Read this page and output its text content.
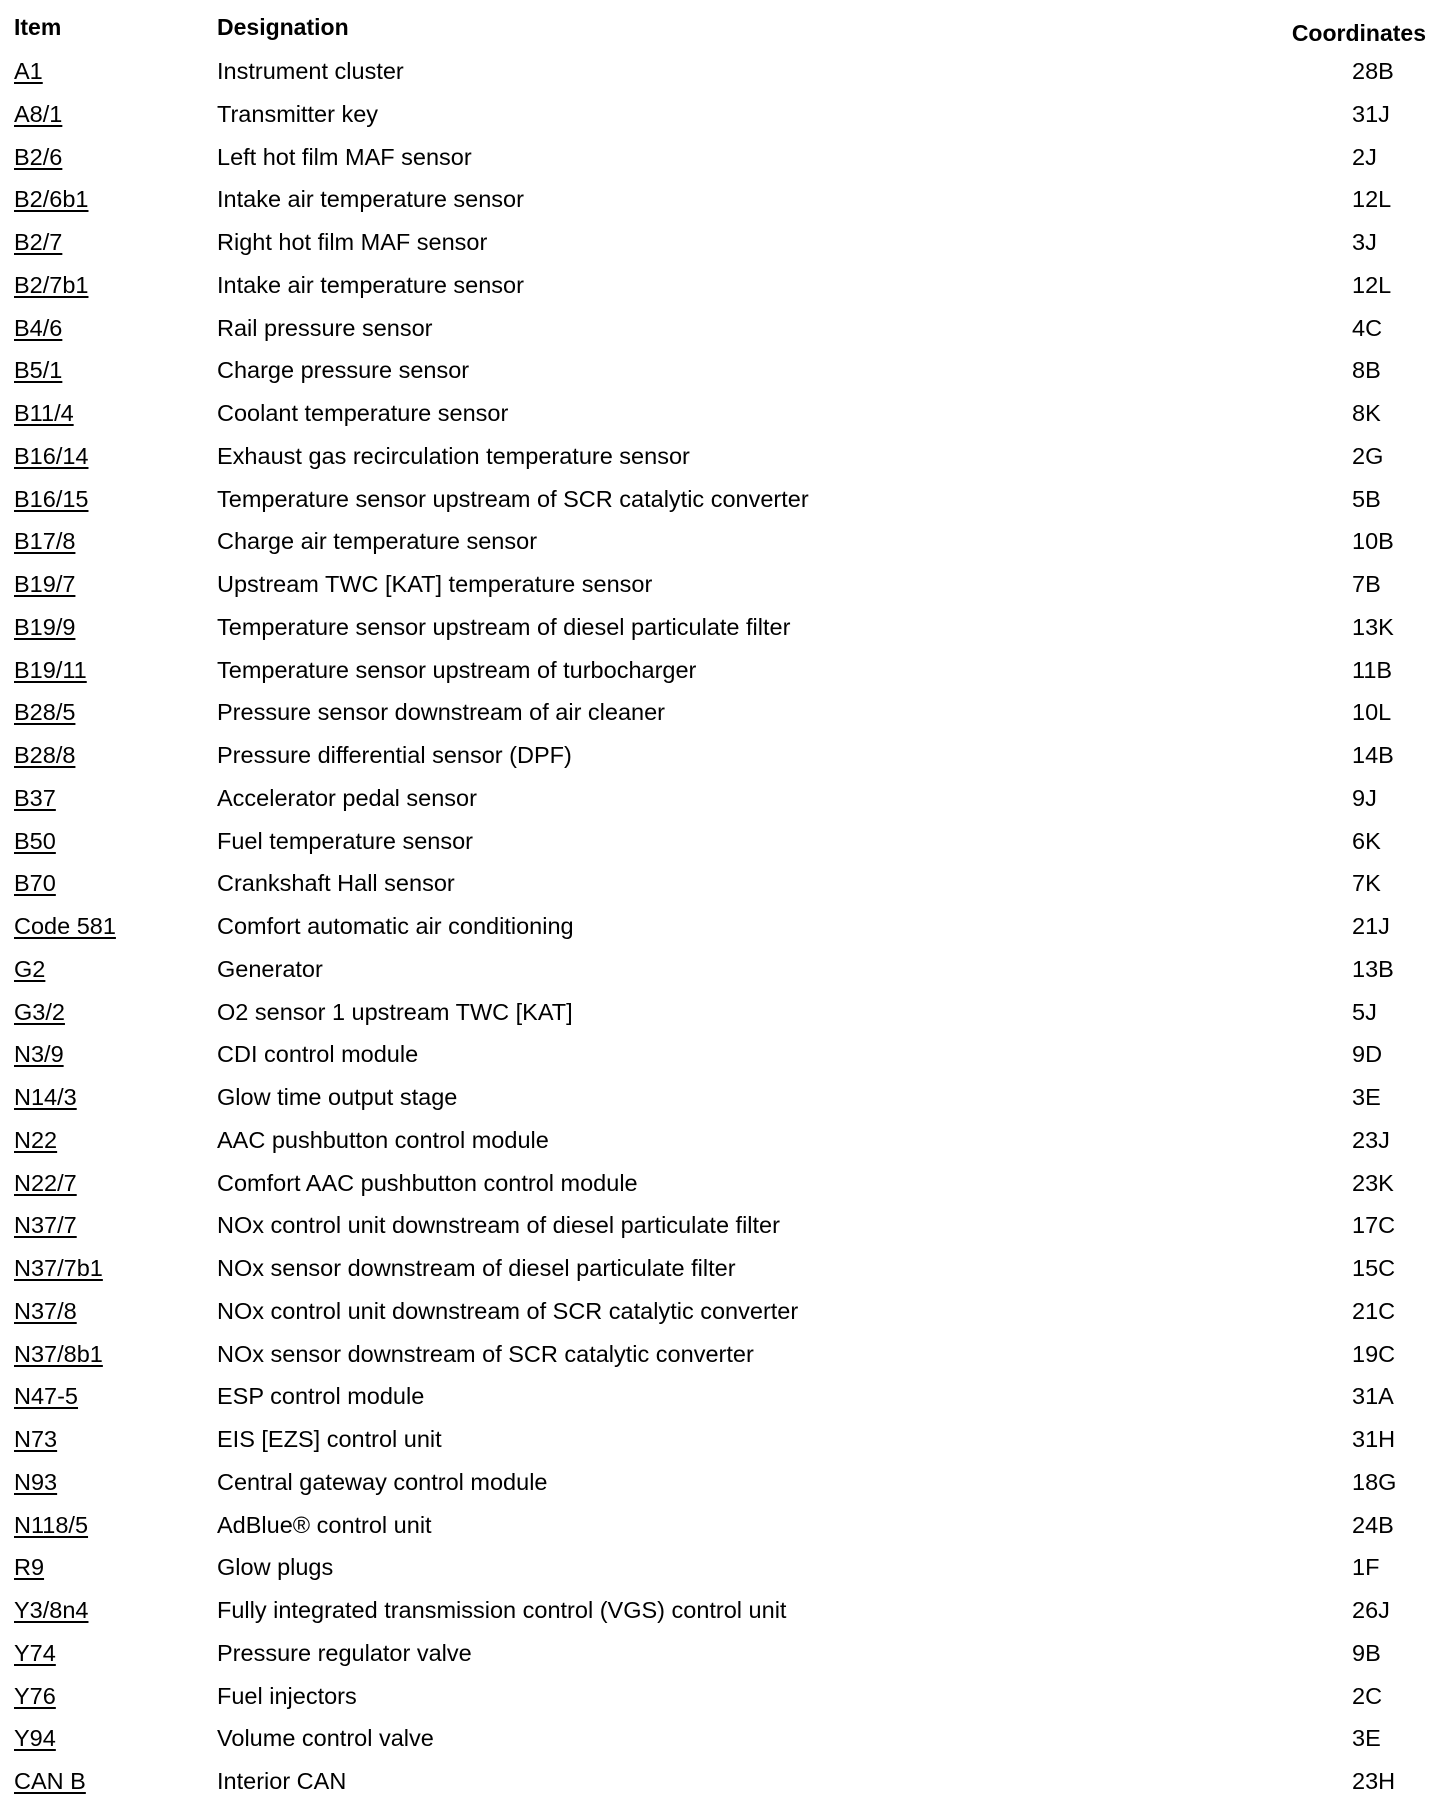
Item	Designation	Coordinates
A1	Instrument cluster	28B
A8/1	Transmitter key	31J
B2/6	Left hot film MAF sensor	2J
B2/6b1	Intake air temperature sensor	12L
B2/7	Right hot film MAF sensor	3J
B2/7b1	Intake air temperature sensor	12L
B4/6	Rail pressure sensor	4C
B5/1	Charge pressure sensor	8B
B11/4	Coolant temperature sensor	8K
B16/14	Exhaust gas recirculation temperature sensor	2G
B16/15	Temperature sensor upstream of SCR catalytic converter	5B
B17/8	Charge air temperature sensor	10B
B19/7	Upstream TWC [KAT] temperature sensor	7B
B19/9	Temperature sensor upstream of diesel particulate filter	13K
B19/11	Temperature sensor upstream of turbocharger	11B
B28/5	Pressure sensor downstream of air cleaner	10L
B28/8	Pressure differential sensor (DPF)	14B
B37	Accelerator pedal sensor	9J
B50	Fuel temperature sensor	6K
B70	Crankshaft Hall sensor	7K
Code 581	Comfort automatic air conditioning	21J
G2	Generator	13B
G3/2	O2 sensor 1 upstream TWC [KAT]	5J
N3/9	CDI control module	9D
N14/3	Glow time output stage	3E
N22	AAC pushbutton control module	23J
N22/7	Comfort AAC pushbutton control module	23K
N37/7	NOx control unit downstream of diesel particulate filter	17C
N37/7b1	NOx sensor downstream of diesel particulate filter	15C
N37/8	NOx control unit downstream of SCR catalytic converter	21C
N37/8b1	NOx sensor downstream of SCR catalytic converter	19C
N47-5	ESP control module	31A
N73	EIS [EZS] control unit	31H
N93	Central gateway control module	18G
N118/5	AdBlue® control unit	24B
R9	Glow plugs	1F
Y3/8n4	Fully integrated transmission control (VGS) control unit	26J
Y74	Pressure regulator valve	9B
Y76	Fuel injectors	2C
Y94	Volume control valve	3E
CAN B	Interior CAN	23H
